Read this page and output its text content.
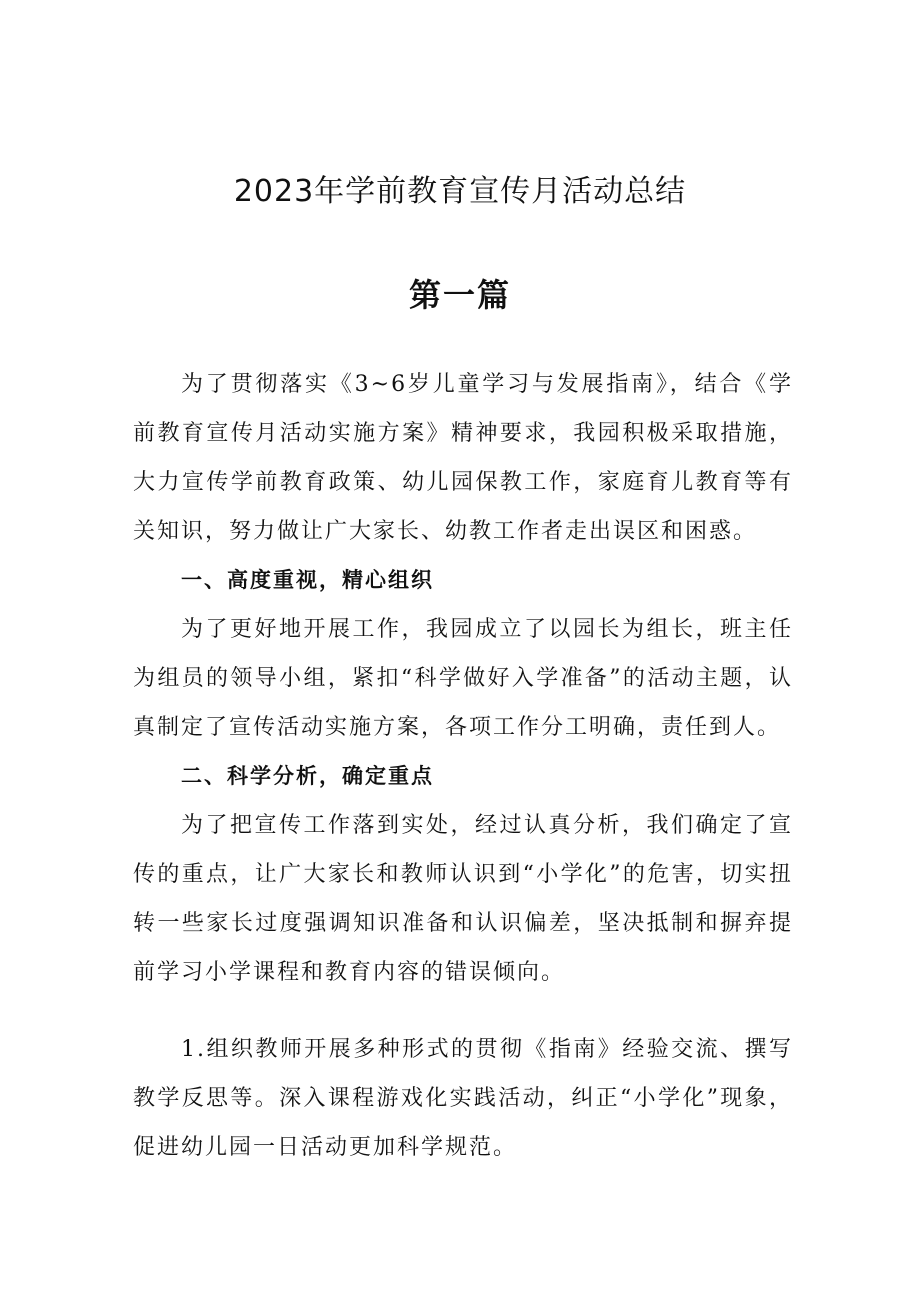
2023年学前教育宣传月活动总结
第一篇

为了贯彻落实《3~6岁儿童学习与发展指南》，结合《学前教育宣传月活动实施方案》精神要求，我园积极采取措施，大力宣传学前教育政策、幼儿园保教工作，家庭育儿教育等有关知识，努力做让广大家长、幼教工作者走出误区和困惑。

一、高度重视，精心组织

为了更好地开展工作，我园成立了以园长为组长，班主任为组员的领导小组，紧扣“科学做好入学准备”的活动主题，认真制定了宣传活动实施方案，各项工作分工明确，责任到人。

二、科学分析，确定重点

为了把宣传工作落到实处，经过认真分析，我们确定了宣传的重点，让广大家长和教师认识到“小学化”的危害，切实扭转一些家长过度强调知识准备和认识偏差，坚决抵制和摒弃提前学习小学课程和教育内容的错误倾向。

1.组织教师开展多种形式的贯彻《指南》经验交流、撰写教学反思等。深入课程游戏化实践活动，纠正“小学化”现象，促进幼儿园一日活动更加科学规范。
